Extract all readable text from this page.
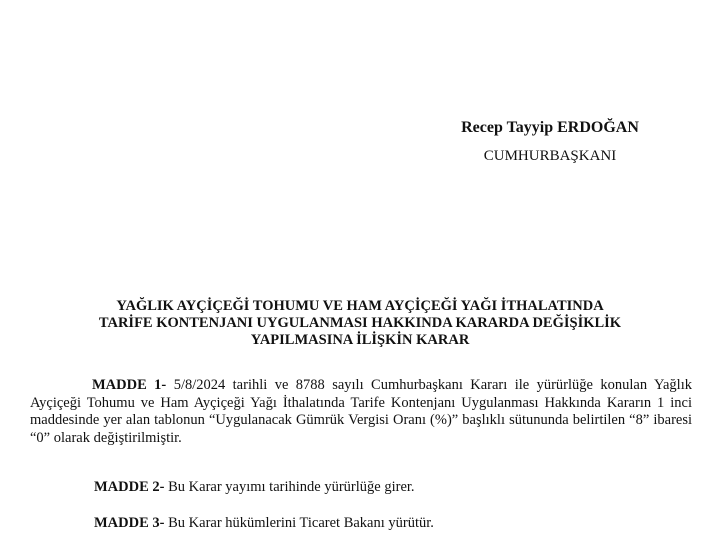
Recep Tayyip ERDOĞAN
CUMHURBAŞKANI
YAĞLIK AYÇİÇEĞİ TOHUMU VE HAM AYÇİÇEĞİ YAĞI İTHALATINDA
TARİFE KONTENJANI UYGULANMASI HAKKINDA KARARDA DEĞİŞİKLİK
YAPILMASINA İLİŞKİN KARAR
MADDE 1- 5/8/2024 tarihli ve 8788 sayılı Cumhurbaşkanı Kararı ile yürürlüğe konulan Yağlık Ayçiçeği Tohumu ve Ham Ayçiçeği Yağı İthalatında Tarife Kontenjanı Uygulanması Hakkında Kararın 1 inci maddesinde yer alan tablonun “Uygulanacak Gümrük Vergisi Oranı (%)” başlıklı sütununda belirtilen “8” ibaresi “0” olarak değiştirilmiştir.
MADDE 2- Bu Karar yayımı tarihinde yürürlüğe girer.
MADDE 3- Bu Karar hükümlerini Ticaret Bakanı yürütür.
